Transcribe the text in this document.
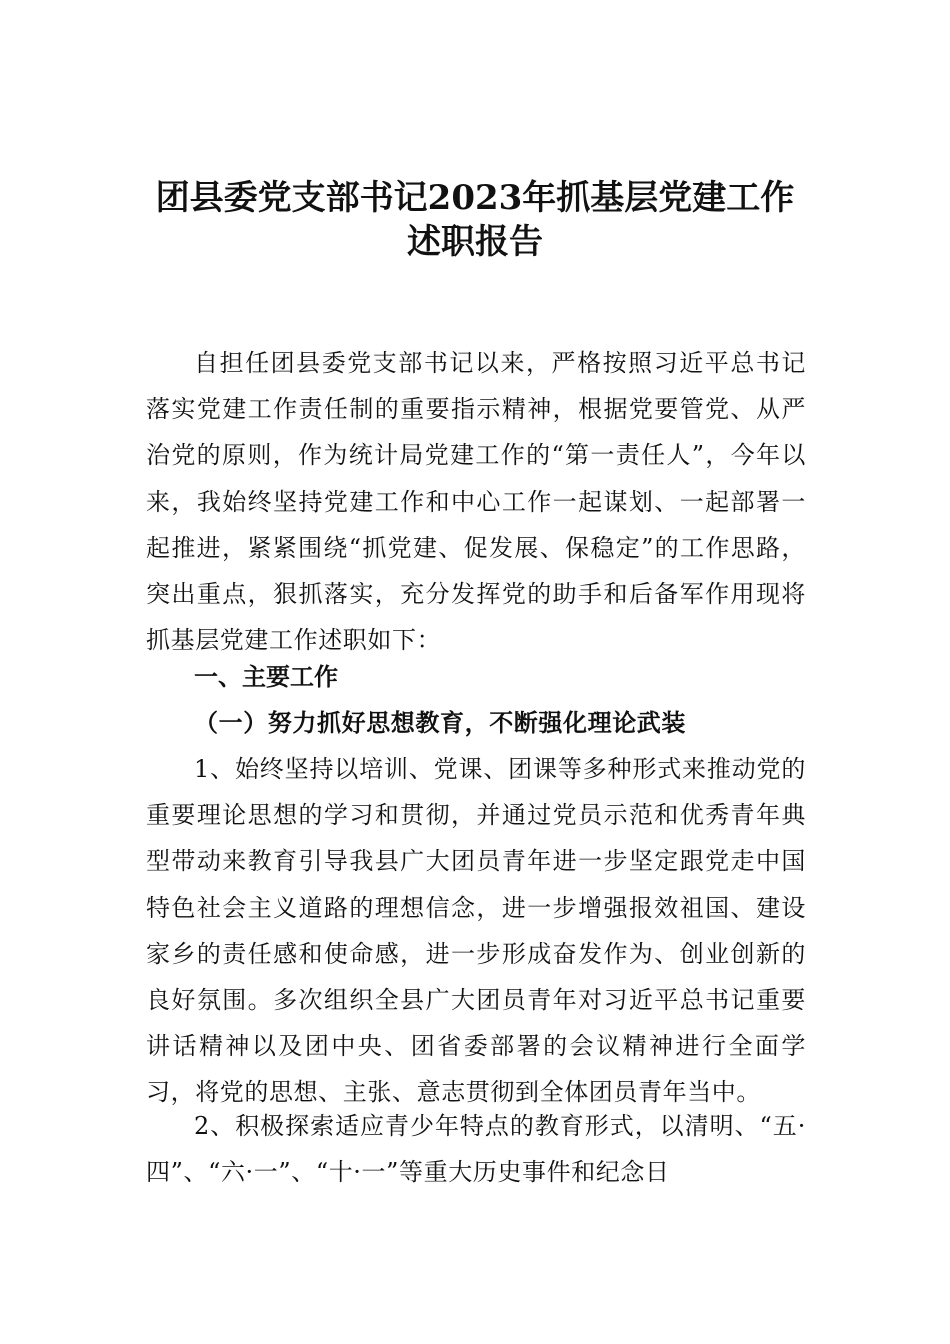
团县委党支部书记2023年抓基层党建工作
述职报告
自担任团县委党支部书记以来，严格按照习近平总书记落实党建工作责任制的重要指示精神，根据党要管党、从严治党的原则，作为统计局党建工作的“第一责任人”，今年以来，我始终坚持党建工作和中心工作一起谋划、一起部署一起推进，紧紧围绕“抓党建、促发展、保稳定”的工作思路，突出重点，狠抓落实，充分发挥党的助手和后备军作用现将抓基层党建工作述职如下：
一、主要工作
（一）努力抓好思想教育，不断强化理论武装
1、始终坚持以培训、党课、团课等多种形式来推动党的重要理论思想的学习和贯彻，并通过党员示范和优秀青年典型带动来教育引导我县广大团员青年进一步坚定跟党走中国特色社会主义道路的理想信念，进一步增强报效祖国、建设家乡的责任感和使命感，进一步形成奋发作为、创业创新的良好氛围。多次组织全县广大团员青年对习近平总书记重要讲话精神以及团中央、团省委部署的会议精神进行全面学习，将党的思想、主张、意志贯彻到全体团员青年当中。
2、积极探索适应青少年特点的教育形式，以清明、“五·四”、“六·一”、“十·一”等重大历史事件和纪念日
